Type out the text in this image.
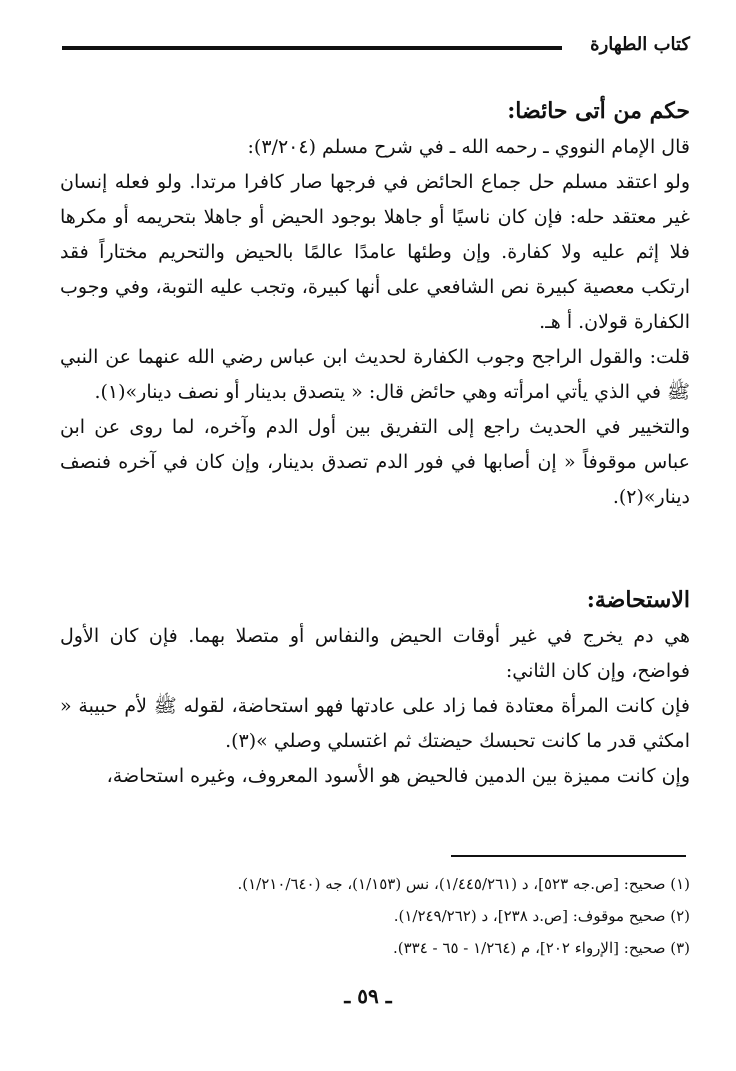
كتاب الطهارة
حكم من أتى حائضا:

قال الإمام النووي ـ رحمه الله ـ في شرح مسلم (٣/٢٠٤):

ولو اعتقد مسلم حل جماع الحائض في فرجها صار كافرا مرتدا. ولو فعله إنسان غير معتقد حله: فإن كان ناسيًا أو جاهلا بوجود الحيض أو جاهلا بتحريمه أو مكرها فلا إثم عليه ولا كفارة. وإن وطئها عامدًا عالمًا بالحيض والتحريم مختاراً فقد ارتكب معصية كبيرة نص الشافعي على أنها كبيرة، وتجب عليه التوبة، وفي وجوب الكفارة قولان. أ هـ.

قلت: والقول الراجح وجوب الكفارة لحديث ابن عباس رضي الله عنهما عن النبي ﷺ في الذي يأتي امرأته وهي حائض قال: « يتصدق بدينار أو نصف دينار»(١).

والتخيير في الحديث راجع إلى التفريق بين أول الدم وآخره، لما روى عن ابن عباس موقوفاً « إن أصابها في فور الدم تصدق بدينار، وإن كان في آخره فنصف دينار»(٢).

الاستحاضة:

هي دم يخرج في غير أوقات الحيض والنفاس أو متصلا بهما. فإن كان الأول فواضح، وإن كان الثاني:

فإن كانت المرأة معتادة فما زاد على عادتها فهو استحاضة، لقوله ﷺ لأم حبيبة « امكثي قدر ما كانت تحبسك حيضتك ثم اغتسلي وصلي »(٣).

وإن كانت مميزة بين الدمين فالحيض هو الأسود المعروف، وغيره استحاضة،

(١) صحيح: [ص.جه ٥٢٣]، د (١/٤٤٥/٢٦١)، نس (١/١٥٣)، جه (١/٢١٠/٦٤٠).

(٢) صحيح موقوف: [ص.د ٢٣٨]، د (١/٢٤٩/٢٦٢).

(٣) صحيح: [الإرواء ٢٠٢]، م (١/٢٦٤ - ٦٥ - ٣٣٤).

ـ ٥٩ ـ
